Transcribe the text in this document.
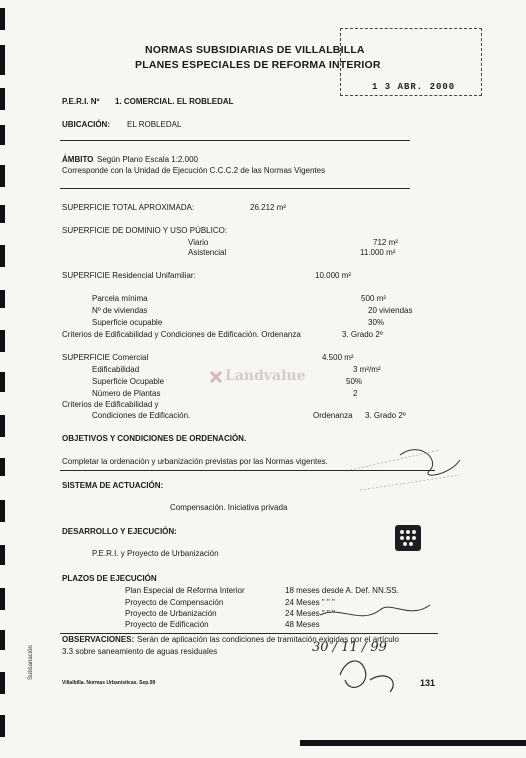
1 3 ABR. 2000
NORMAS SUBSIDIARIAS DE VILLALBILLA
PLANES ESPECIALES DE REFORMA INTERIOR
P.E.R.I. Nº 1. COMERCIAL. EL ROBLEDAL
UBICACIÓN: EL ROBLEDAL
ÁMBITO Según Plano Escala 1:2.000
Corresponde con la Unidad de Ejecución C.C.C.2 de las Normas Vigentes
SUPERFICIE TOTAL APROXIMADA:	26.212 m²
SUPERFICIE DE DOMINIO Y USO PÚBLICO:
Viario	712 m²
Asistencial	11.000 m²
SUPERFICIE Residencial Unifamiliar:	10.000 m²
Parcela mínima	500 m²
Nº de viviendas	20 viviendas
Superficie ocupable	30%
Criterios de Edificabilidad y Condiciones de Edificación. Ordenanza	3. Grado 2º
SUPERFICIE Comercial	4.500 m²
Edificabilidad	3 m²/m²
Superficie Ocupable	50%
Número de Plantas	2
Criterios de Edificabilidad y
Condiciones de Edificación.	Ordenanza 3. Grado 2º
Landvalue
OBJETIVOS Y CONDICIONES DE ORDENACIÓN.
Completar la ordenación y urbanización previstas por las Normas vigentes.
SISTEMA DE ACTUACIÓN:
Compensación. Iniciativa privada
DESARROLLO Y EJECUCIÓN:
P.E.R.I. y Proyecto de Urbanización
PLAZOS DE EJECUCIÓN
Plan Especial de Reforma Interior	18 meses desde A. Def. NN.SS.
Proyecto de Compensación	24 Meses " " "
Proyecto de Urbanización	24 Meses " " "
Proyecto de Edificación	48 Meses
OBSERVACIONES: Serán de aplicación las condiciones de tramitación exigidas por el artículo
3.3 sobre saneamiento de aguas residuales	30 / 11 / 99
Villalbilla. Normas Urbanísticas. Sep.99	131
Subsanación
